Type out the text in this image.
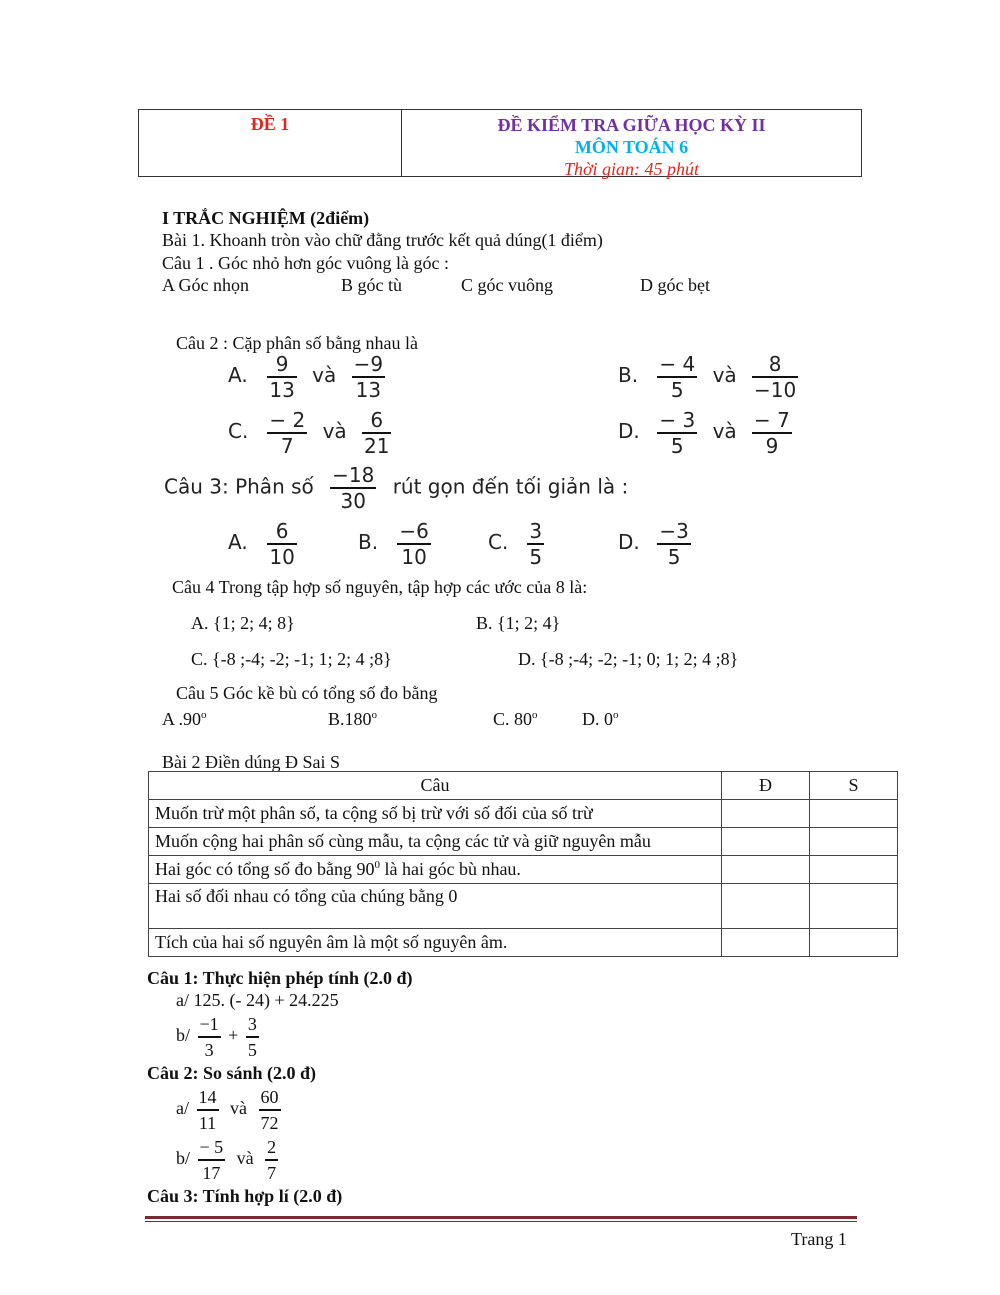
ĐỀ 1	ĐỀ KIỂM TRA GIỮA HỌC KỲ II
MÔN TOÁN 6
Thời gian: 45 phút
I TRẮC NGHIỆM (2điểm)
Bài 1. Khoanh tròn vào chữ đằng trước kết quả dúng(1 điểm)
Câu 1 . Góc nhỏ hơn góc vuông là góc :
A Góc nhọn	B góc tù	C góc vuông	D góc bẹt
Câu 2 : Cặp phân số bằng nhau là
A. $\frac{9}{13}$ và $\frac{-9}{13}$	B. $\frac{- 4}{5}$ và $\frac{8}{-10}$
C. $\frac{- 2}{7}$ và $\frac{6}{21}$	D. $\frac{- 3}{5}$ và $\frac{- 7}{9}$
Câu 3: Phân số $\frac{-18}{30}$ rút gọn đến tối giản là :
A. $\frac{6}{10}$	B. $\frac{-6}{10}$	C. $\frac{3}{5}$	D. $\frac{-3}{5}$
Câu 4 Trong tập hợp số nguyên, tập hợp các ước của 8 là:
A. {1; 2; 4; 8}	B. {1; 2; 4}
C. {-8 ;-4; -2; -1; 1; 2; 4 ;8}	D. {-8 ;-4; -2; -1; 0; 1; 2; 4 ;8}
Câu 5 Góc kề bù có tổng số đo bằng
A .90$^o$	B.180$^o$	C. 80$^o$ D. 0$^o$
Bài 2 Điền dúng Đ Sai S
Câu	Đ	S
Muốn trừ một phân số, ta cộng số bị trừ với số đối của số trừ		
Muốn cộng hai phân số cùng mẫu, ta cộng các tử và giữ nguyên mẫu		
Hai góc có tổng số đo bằng $90^0$ là hai góc bù nhau.		
Hai số đối nhau có tổng của chúng bằng 0		
Tích của hai số nguyên âm là một số nguyên âm.		
Câu 1: Thực hiện phép tính (2.0 đ)
a/ 125. (- 24) + 24.225
$b/ \frac{-1}{3} + \frac{3}{5}$
Câu 2: So sánh (2.0 đ)
$a/ \frac{14}{11}$ và $\frac{60}{72}$
$b/ \frac{- 5}{17}$ và $\frac{2}{7}$
Câu 3: Tính hợp lí (2.0 đ)
Trang 1
